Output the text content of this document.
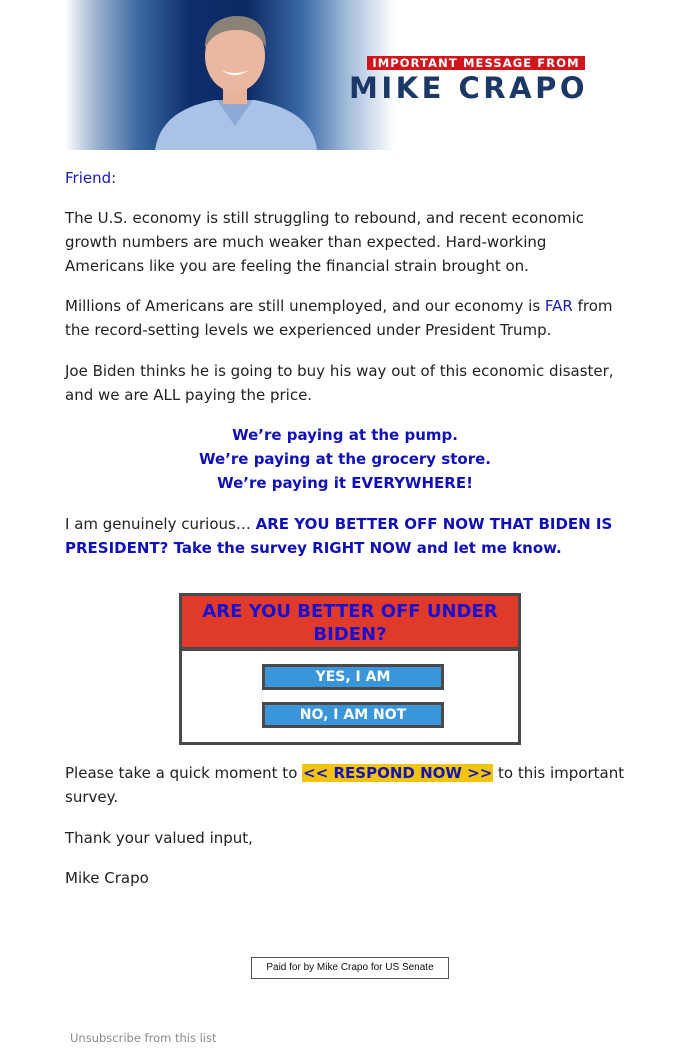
IMPORTANT MESSAGE FROM
MIKE CRAPO
Friend:
The U.S. economy is still struggling to rebound, and recent economic growth numbers are much weaker than expected. Hard-working Americans like you are feeling the financial strain brought on.
Millions of Americans are still unemployed, and our economy is FAR from the record-setting levels we experienced under President Trump.
Joe Biden thinks he is going to buy his way out of this economic disaster, and we are ALL paying the price.
We’re paying at the pump.
We’re paying at the grocery store.
We’re paying it EVERYWHERE!
I am genuinely curious… ARE YOU BETTER OFF NOW THAT BIDEN IS PRESIDENT? Take the survey RIGHT NOW and let me know.
Please take a quick moment to << RESPOND NOW >> to this important survey.
Thank your valued input,
Mike Crapo
ARE YOU BETTER OFF UNDER BIDEN?
YES, I AM
NO, I AM NOT
Paid for by Mike Crapo for US Senate
Unsubscribe from this list
